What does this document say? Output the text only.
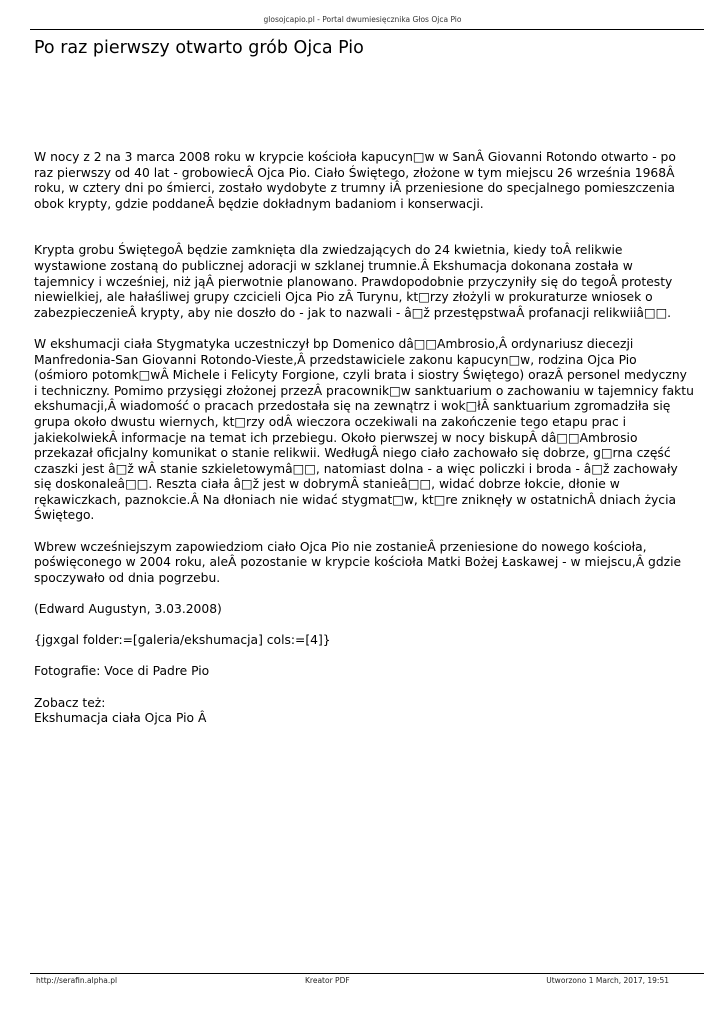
glosojcapio.pl - Portal dwumiesięcznika Głos Ojca Pio
Po raz pierwszy otwarto grób Ojca Pio

W nocy z 2 na 3 marca 2008 roku w krypcie kościoła kapucyn□w w SanÂ Giovanni Rotondo otwarto - po raz pierwszy od 40 lat - grobowiecÂ Ojca Pio. Ciało Świętego, złożone w tym miejscu 26 września 1968Â roku, w cztery dni po śmierci, zostało wydobyte z trumny iÂ przeniesione do specjalnego pomieszczenia obok krypty, gdzie poddaneÂ będzie dokładnym badaniom i konserwacji.

Krypta grobu ŚwiętegoÂ będzie zamknięta dla zwiedzających do 24 kwietnia, kiedy toÂ relikwie wystawione zostaną do publicznej adoracji w szklanej trumnie.Â Ekshumacja dokonana została w tajemnicy i wcześniej, niż jąÂ pierwotnie planowano. Prawdopodobnie przyczyniły się do tegoÂ protesty niewielkiej, ale hałaśliwej grupy czcicieli Ojca Pio zÂ Turynu, kt□rzy złożyli w prokuraturze wniosek o zabezpieczenieÂ krypty, aby nie doszło do - jak to nazwali - â□ž przestępstwaÂ profanacji relikwiiâ□□.

W ekshumacji ciała Stygmatyka uczestniczył bp Domenico dâ□□Ambrosio,Â ordynariusz diecezji Manfredonia-San Giovanni Rotondo-Vieste,Â przedstawiciele zakonu kapucyn□w, rodzina Ojca Pio (ośmioro potomk□wÂ Michele i Felicyty Forgione, czyli brata i siostry Świętego) orazÂ personel medyczny i techniczny. Pomimo przysięgi złożonej przezÂ pracownik□w sanktuarium o zachowaniu w tajemnicy faktu ekshumacji,Â wiadomość o pracach przedostała się na zewnątrz i wok□łÂ sanktuarium zgromadziła się grupa około dwustu wiernych, kt□rzy odÂ wieczora oczekiwali na zakończenie tego etapu prac i jakiekolwiekÂ informacje na temat ich przebiegu. Około pierwszej w nocy biskupÂ dâ□□Ambrosio przekazał oficjalny komunikat o stanie relikwii. WedługÂ niego ciało zachowało się dobrze, g□rna część czaszki jest â□ž wÂ stanie szkieletowymâ□□, natomiast dolna - a więc policzki i broda - â□ž zachowały się doskonaleâ□□. Reszta ciała â□ž jest w dobrymÂ stanieâ□□, widać dobrze łokcie, dłonie w rękawiczkach, paznokcie.Â Na dłoniach nie widać stygmat□w, kt□re zniknęły w ostatnichÂ dniach życia Świętego.

Wbrew wcześniejszym zapowiedziom ciało Ojca Pio nie zostanieÂ przeniesione do nowego kościoła, poświęconego w 2004 roku, aleÂ pozostanie w krypcie kościoła Matki Bożej Łaskawej - w miejscu,Â gdzie spoczywało od dnia pogrzebu.

(Edward Augustyn, 3.03.2008)

{jgxgal folder:=[galeria/ekshumacja] cols:=[4]}

Fotografie: Voce di Padre Pio

Zobacz też:

Ekshumacja ciała Ojca Pio Â

http://serafin.alpha.pl	Kreator PDF	Utworzono 1 March, 2017, 19:51
